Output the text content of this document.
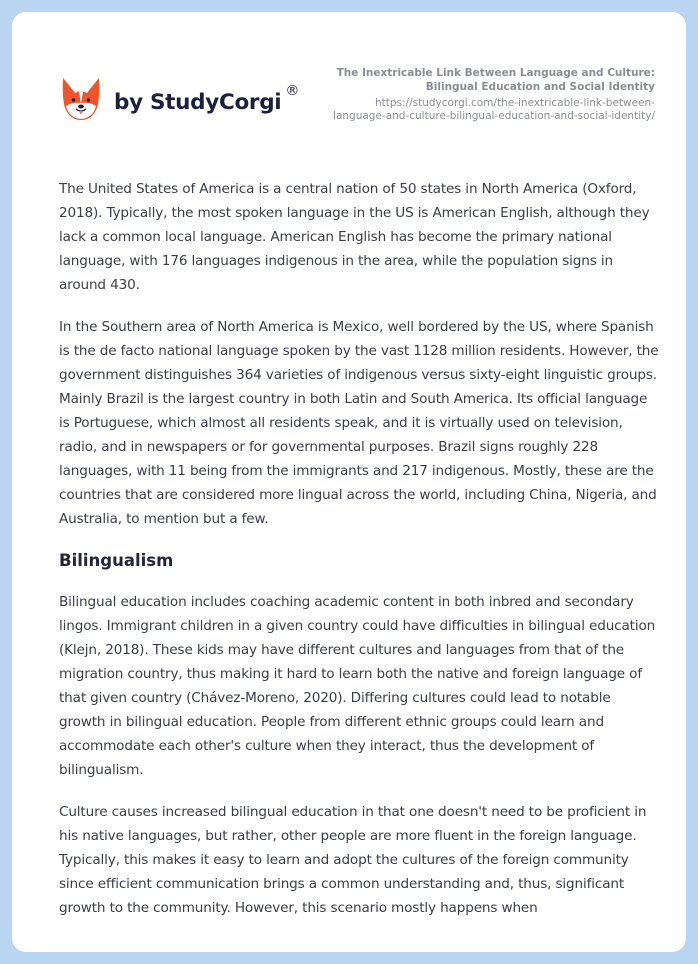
by StudyCorgi ®
The Inextricable Link Between Language and Culture:
Bilingual Education and Social Identity
https://studycorgi.com/the-inextricable-link-between-
language-and-culture-bilingual-education-and-social-identity/

The United States of America is a central nation of 50 states in North America (Oxford, 2018). Typically, the most spoken language in the US is American English, although they lack a common local language. American English has become the primary national language, with 176 languages indigenous in the area, while the population signs in around 430.

In the Southern area of North America is Mexico, well bordered by the US, where Spanish is the de facto national language spoken by the vast 1128 million residents. However, the government distinguishes 364 varieties of indigenous versus sixty-eight linguistic groups. Mainly Brazil is the largest country in both Latin and South America. Its official language is Portuguese, which almost all residents speak, and it is virtually used on television, radio, and in newspapers or for governmental purposes. Brazil signs roughly 228 languages, with 11 being from the immigrants and 217 indigenous. Mostly, these are the countries that are considered more lingual across the world, including China, Nigeria, and Australia, to mention but a few.

Bilingualism

Bilingual education includes coaching academic content in both inbred and secondary lingos. Immigrant children in a given country could have difficulties in bilingual education (Klejn, 2018). These kids may have different cultures and languages from that of the migration country, thus making it hard to learn both the native and foreign language of that given country (Chávez-Moreno, 2020). Differing cultures could lead to notable growth in bilingual education. People from different ethnic groups could learn and accommodate each other's culture when they interact, thus the development of bilingualism.

Culture causes increased bilingual education in that one doesn't need to be proficient in his native languages, but rather, other people are more fluent in the foreign language. Typically, this makes it easy to learn and adopt the cultures of the foreign community since efficient communication brings a common understanding and, thus, significant growth to the community. However, this scenario mostly happens when
